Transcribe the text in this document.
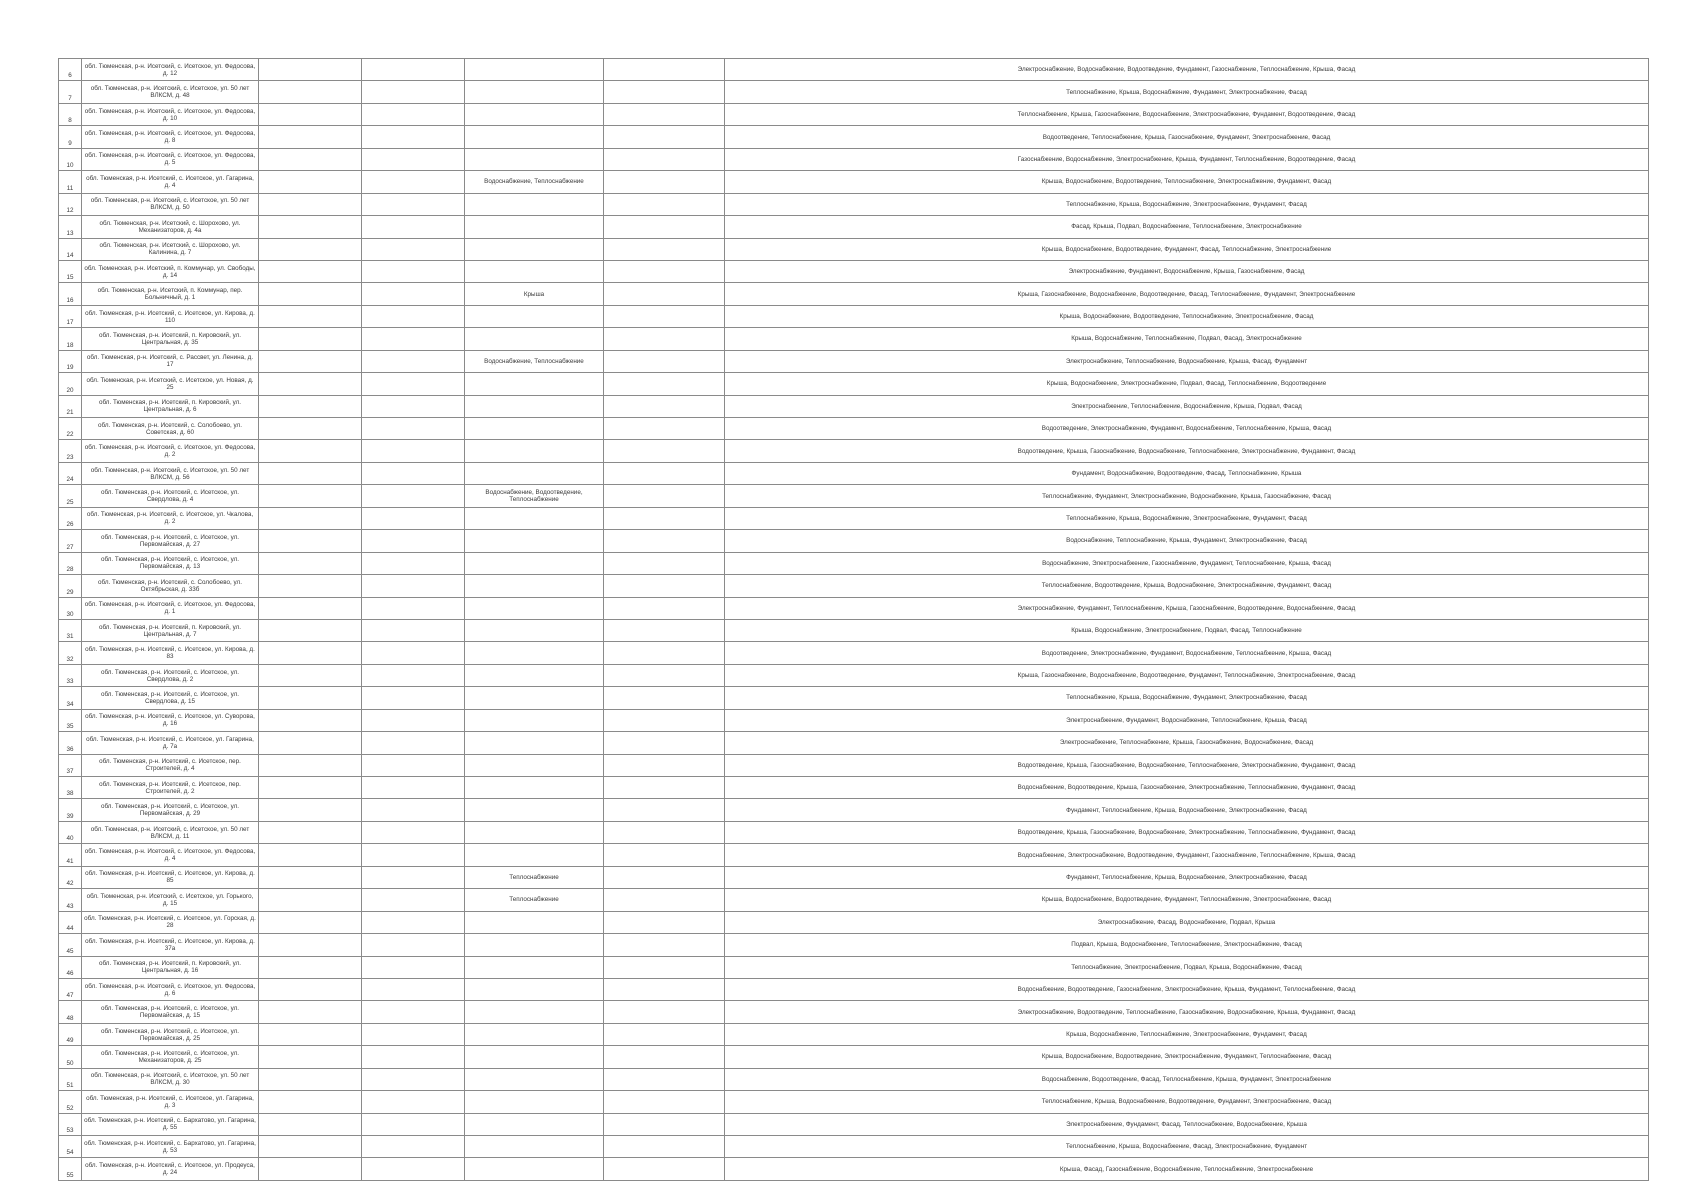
6	обл. Тюменская, р-н. Исетский, с. Исетское, ул. Федосова, д. 12					Электроснабжение, Водоснабжение, Водоотведение, Фундамент, Газоснабжение, Теплоснабжение, Крыша, Фасад
7	обл. Тюменская, р-н. Исетский, с. Исетское, ул. 50 лет ВЛКСМ, д. 48					Теплоснабжение, Крыша, Водоснабжение, Фундамент, Электроснабжение, Фасад
8	обл. Тюменская, р-н. Исетский, с. Исетское, ул. Федосова, д. 10					Теплоснабжение, Крыша, Газоснабжение, Водоснабжение, Электроснабжение, Фундамент, Водоотведение, Фасад
9	обл. Тюменская, р-н. Исетский, с. Исетское, ул. Федосова, д. 8					Водоотведение, Теплоснабжение, Крыша, Газоснабжение, Фундамент, Электроснабжение, Фасад
10	обл. Тюменская, р-н. Исетский, с. Исетское, ул. Федосова, д. 5					Газоснабжение, Водоснабжение, Электроснабжение, Крыша, Фундамент, Теплоснабжение, Водоотведение, Фасад
11	обл. Тюменская, р-н. Исетский, с. Исетское, ул. Гагарина, д. 4			Водоснабжение, Теплоснабжение		Крыша, Водоснабжение, Водоотведение, Теплоснабжение, Электроснабжение, Фундамент, Фасад
12	обл. Тюменская, р-н. Исетский, с. Исетское, ул. 50 лет ВЛКСМ, д. 50					Теплоснабжение, Крыша, Водоснабжение, Электроснабжение, Фундамент, Фасад
13	обл. Тюменская, р-н. Исетский, с. Шорохово, ул. Механизаторов, д. 4а					Фасад, Крыша, Подвал, Водоснабжение, Теплоснабжение, Электроснабжение
14	обл. Тюменская, р-н. Исетский, с. Шорохово, ул. Калинина, д. 7					Крыша, Водоснабжение, Водоотведение, Фундамент, Фасад, Теплоснабжение, Электроснабжение
15	обл. Тюменская, р-н. Исетский, п. Коммунар, ул. Свободы, д. 14					Электроснабжение, Фундамент, Водоснабжение, Крыша, Газоснабжение, Фасад
16	обл. Тюменская, р-н. Исетский, п. Коммунар, пер. Больничный, д. 1			Крыша		Крыша, Газоснабжение, Водоснабжение, Водоотведение, Фасад, Теплоснабжение, Фундамент, Электроснабжение
17	обл. Тюменская, р-н. Исетский, с. Исетское, ул. Кирова, д. 110					Крыша, Водоснабжение, Водоотведение, Теплоснабжение, Электроснабжение, Фасад
18	обл. Тюменская, р-н. Исетский, п. Кировский, ул. Центральная, д. 35					Крыша, Водоснабжение, Теплоснабжение, Подвал, Фасад, Электроснабжение
19	обл. Тюменская, р-н. Исетский, с. Рассвет, ул. Ленина, д. 17			Водоснабжение, Теплоснабжение		Электроснабжение, Теплоснабжение, Водоснабжение, Крыша, Фасад, Фундамент
20	обл. Тюменская, р-н. Исетский, с. Исетское, ул. Новая, д. 25					Крыша, Водоснабжение, Электроснабжение, Подвал, Фасад, Теплоснабжение, Водоотведение
21	обл. Тюменская, р-н. Исетский, п. Кировский, ул. Центральная, д. 6					Электроснабжение, Теплоснабжение, Водоснабжение, Крыша, Подвал, Фасад
22	обл. Тюменская, р-н. Исетский, с. Солобоево, ул. Советская, д. 60					Водоотведение, Электроснабжение, Фундамент, Водоснабжение, Теплоснабжение, Крыша, Фасад
23	обл. Тюменская, р-н. Исетский, с. Исетское, ул. Федосова, д. 2					Водоотведение, Крыша, Газоснабжение, Водоснабжение, Теплоснабжение, Электроснабжение, Фундамент, Фасад
24	обл. Тюменская, р-н. Исетский, с. Исетское, ул. 50 лет ВЛКСМ, д. 56					Фундамент, Водоснабжение, Водоотведение, Фасад, Теплоснабжение, Крыша
25	обл. Тюменская, р-н. Исетский, с. Исетское, ул. Свердлова, д. 4			Водоснабжение, Водоотведение, Теплоснабжение		Теплоснабжение, Фундамент, Электроснабжение, Водоснабжение, Крыша, Газоснабжение, Фасад
26	обл. Тюменская, р-н. Исетский, с. Исетское, ул. Чкалова, д. 2					Теплоснабжение, Крыша, Водоснабжение, Электроснабжение, Фундамент, Фасад
27	обл. Тюменская, р-н. Исетский, с. Исетское, ул. Первомайская, д. 27					Водоснабжение, Теплоснабжение, Крыша, Фундамент, Электроснабжение, Фасад
28	обл. Тюменская, р-н. Исетский, с. Исетское, ул. Первомайская, д. 13					Водоснабжение, Электроснабжение, Газоснабжение, Фундамент, Теплоснабжение, Крыша, Фасад
29	обл. Тюменская, р-н. Исетский, с. Солобоево, ул. Октябрьская, д. 33б					Теплоснабжение, Водоотведение, Крыша, Водоснабжение, Электроснабжение, Фундамент, Фасад
30	обл. Тюменская, р-н. Исетский, с. Исетское, ул. Федосова, д. 1					Электроснабжение, Фундамент, Теплоснабжение, Крыша, Газоснабжение, Водоотведение, Водоснабжение, Фасад
31	обл. Тюменская, р-н. Исетский, п. Кировский, ул. Центральная, д. 7					Крыша, Водоснабжение, Электроснабжение, Подвал, Фасад, Теплоснабжение
32	обл. Тюменская, р-н. Исетский, с. Исетское, ул. Кирова, д. 83					Водоотведение, Электроснабжение, Фундамент, Водоснабжение, Теплоснабжение, Крыша, Фасад
33	обл. Тюменская, р-н. Исетский, с. Исетское, ул. Свердлова, д. 2					Крыша, Газоснабжение, Водоснабжение, Водоотведение, Фундамент, Теплоснабжение, Электроснабжение, Фасад
34	обл. Тюменская, р-н. Исетский, с. Исетское, ул. Свердлова, д. 15					Теплоснабжение, Крыша, Водоснабжение, Фундамент, Электроснабжение, Фасад
35	обл. Тюменская, р-н. Исетский, с. Исетское, ул. Суворова, д. 16					Электроснабжение, Фундамент, Водоснабжение, Теплоснабжение, Крыша, Фасад
36	обл. Тюменская, р-н. Исетский, с. Исетское, ул. Гагарина, д. 7а					Электроснабжение, Теплоснабжение, Крыша, Газоснабжение, Водоснабжение, Фасад
37	обл. Тюменская, р-н. Исетский, с. Исетское, пер. Строителей, д. 4					Водоотведение, Крыша, Газоснабжение, Водоснабжение, Теплоснабжение, Электроснабжение, Фундамент, Фасад
38	обл. Тюменская, р-н. Исетский, с. Исетское, пер. Строителей, д. 2					Водоснабжение, Водоотведение, Крыша, Газоснабжение, Электроснабжение, Теплоснабжение, Фундамент, Фасад
39	обл. Тюменская, р-н. Исетский, с. Исетское, ул. Первомайская, д. 29					Фундамент, Теплоснабжение, Крыша, Водоснабжение, Электроснабжение, Фасад
40	обл. Тюменская, р-н. Исетский, с. Исетское, ул. 50 лет ВЛКСМ, д. 11					Водоотведение, Крыша, Газоснабжение, Водоснабжение, Электроснабжение, Теплоснабжение, Фундамент, Фасад
41	обл. Тюменская, р-н. Исетский, с. Исетское, ул. Федосова, д. 4					Водоснабжение, Электроснабжение, Водоотведение, Фундамент, Газоснабжение, Теплоснабжение, Крыша, Фасад
42	обл. Тюменская, р-н. Исетский, с. Исетское, ул. Кирова, д. 85			Теплоснабжение		Фундамент, Теплоснабжение, Крыша, Водоснабжение, Электроснабжение, Фасад
43	обл. Тюменская, р-н. Исетский, с. Исетское, ул. Горького, д. 15			Теплоснабжение		Крыша, Водоснабжение, Водоотведение, Фундамент, Теплоснабжение, Электроснабжение, Фасад
44	обл. Тюменская, р-н. Исетский, с. Исетское, ул. Горская, д. 28					Электроснабжение, Фасад, Водоснабжение, Подвал, Крыша
45	обл. Тюменская, р-н. Исетский, с. Исетское, ул. Кирова, д. 37а					Подвал, Крыша, Водоснабжение, Теплоснабжение, Электроснабжение, Фасад
46	обл. Тюменская, р-н. Исетский, п. Кировский, ул. Центральная, д. 16					Теплоснабжение, Электроснабжение, Подвал, Крыша, Водоснабжение, Фасад
47	обл. Тюменская, р-н. Исетский, с. Исетское, ул. Федосова, д. 6					Водоснабжение, Водоотведение, Газоснабжение, Электроснабжение, Крыша, Фундамент, Теплоснабжение, Фасад
48	обл. Тюменская, р-н. Исетский, с. Исетское, ул. Первомайская, д. 15					Электроснабжение, Водоотведение, Теплоснабжение, Газоснабжение, Водоснабжение, Крыша, Фундамент, Фасад
49	обл. Тюменская, р-н. Исетский, с. Исетское, ул. Первомайская, д. 25					Крыша, Водоснабжение, Теплоснабжение, Электроснабжение, Фундамент, Фасад
50	обл. Тюменская, р-н. Исетский, с. Исетское, ул. Механизаторов, д. 25					Крыша, Водоснабжение, Водоотведение, Электроснабжение, Фундамент, Теплоснабжение, Фасад
51	обл. Тюменская, р-н. Исетский, с. Исетское, ул. 50 лет ВЛКСМ, д. 30					Водоснабжение, Водоотведение, Фасад, Теплоснабжение, Крыша, Фундамент, Электроснабжение
52	обл. Тюменская, р-н. Исетский, с. Исетское, ул. Гагарина, д. 3					Теплоснабжение, Крыша, Водоснабжение, Водоотведение, Фундамент, Электроснабжение, Фасад
53	обл. Тюменская, р-н. Исетский, с. Бархатово, ул. Гагарина, д. 55					Электроснабжение, Фундамент, Фасад, Теплоснабжение, Водоснабжение, Крыша
54	обл. Тюменская, р-н. Исетский, с. Бархатово, ул. Гагарина, д. 53					Теплоснабжение, Крыша, Водоснабжение, Фасад, Электроснабжение, Фундамент
55	обл. Тюменская, р-н. Исетский, с. Исетское, ул. Продеуса, д. 24					Крыша, Фасад, Газоснабжение, Водоснабжение, Теплоснабжение, Электроснабжение
